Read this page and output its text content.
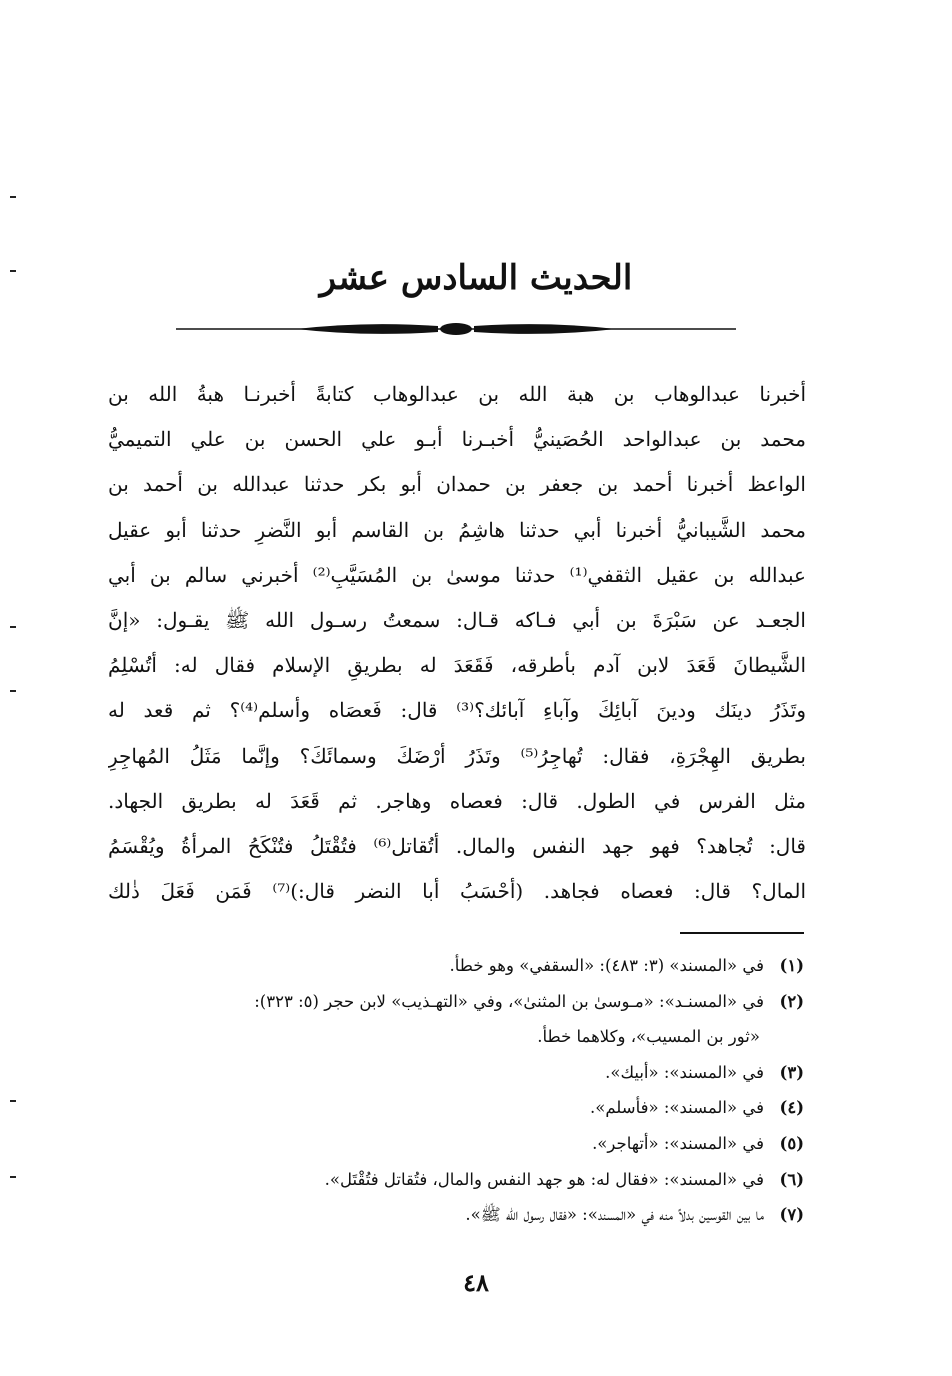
الحديث السادس عشر
أخبرنا عبدالوهاب بن هبة الله بن عبدالوهاب كتابةً أخبرنـا هبةُ الله بن
محمد بن عبدالواحد الحُصَينيُّ أخبـرنا أبـو علي الحسن بن علي التميميُّ
الواعظ أخبرنا أحمد بن جعفر بن حمدان أبو بكر حدثنا عبدالله بن أحمد بن
محمد الشَّيبانيُّ أخبرنا أبي حدثنا هاشِمُ بن القاسم أبو النَّضرِ حدثنا أبو عقيل
عبدالله بن عقيل الثقفي⁽¹⁾ حدثنا موسىٰ بن المُسَيَّبِ⁽²⁾ أخبرني سالم بن أبي
الجعـد عن سَبْرَةَ بن أبي فـاكه قـال: سمعتُ رسـول الله ﷺ يقـول: «إنَّ
الشَّيطانَ قَعَدَ لابن آدم بأطرقه، فَقَعَدَ له بطريقِ الإسلام فقال له: أتُسْلِمُ
وتَذَرُ دينَك ودينَ آبائِكَ وآباءِ آبائك؟⁽³⁾ قال: فَعصَاه وأسلم⁽⁴⁾؟ ثم قعد له
بطريق الهِجْرَةِ، فقال: تُهاجِرُ⁽⁵⁾ وتَذَرُ أرْضَكَ وسمائَكَ؟ وإنَّما مَثَلُ المُهاجِرِ
مثل الفرس في الطول. قال: فعصاه وهاجر. ثم قَعَدَ له بطريق الجهاد.
قال: تُجاهد؟ فهو جهد النفس والمال. أتُقاتل⁽⁶⁾ فتُقْتَلُ فتُنْكَحُ المرأةُ ويُقْسَمُ
المال؟ قال: فعصاه فجاهد. (أحْسَبُ أبا النضر قال:)⁽⁷⁾ فَمَن فَعَلَ ذٰلك
(١)في «المسند» (٣: ٤٨٣): «السقفي» وهو خطأ.
(٢)في «المسنـد»: «مـوسىٰ بن المثنىٰ»، وفي «التهـذيب» لابن حجر (٥: ٣٢٣):
«ثور بن المسيب»، وكلاهما خطأ.
(٣)في «المسند»: «أبيك».
(٤)في «المسند»: «فأسلم».
(٥)في «المسند»: «أتهاجر».
(٦)في «المسند»: «فقال له: هو جهد النفس والمال، فتُقاتل فتُقْتَل».
(٧)ما بين القوسين بدلاً منه في «المسند»: «فقال رسول الله ﷺ».
٤٨
